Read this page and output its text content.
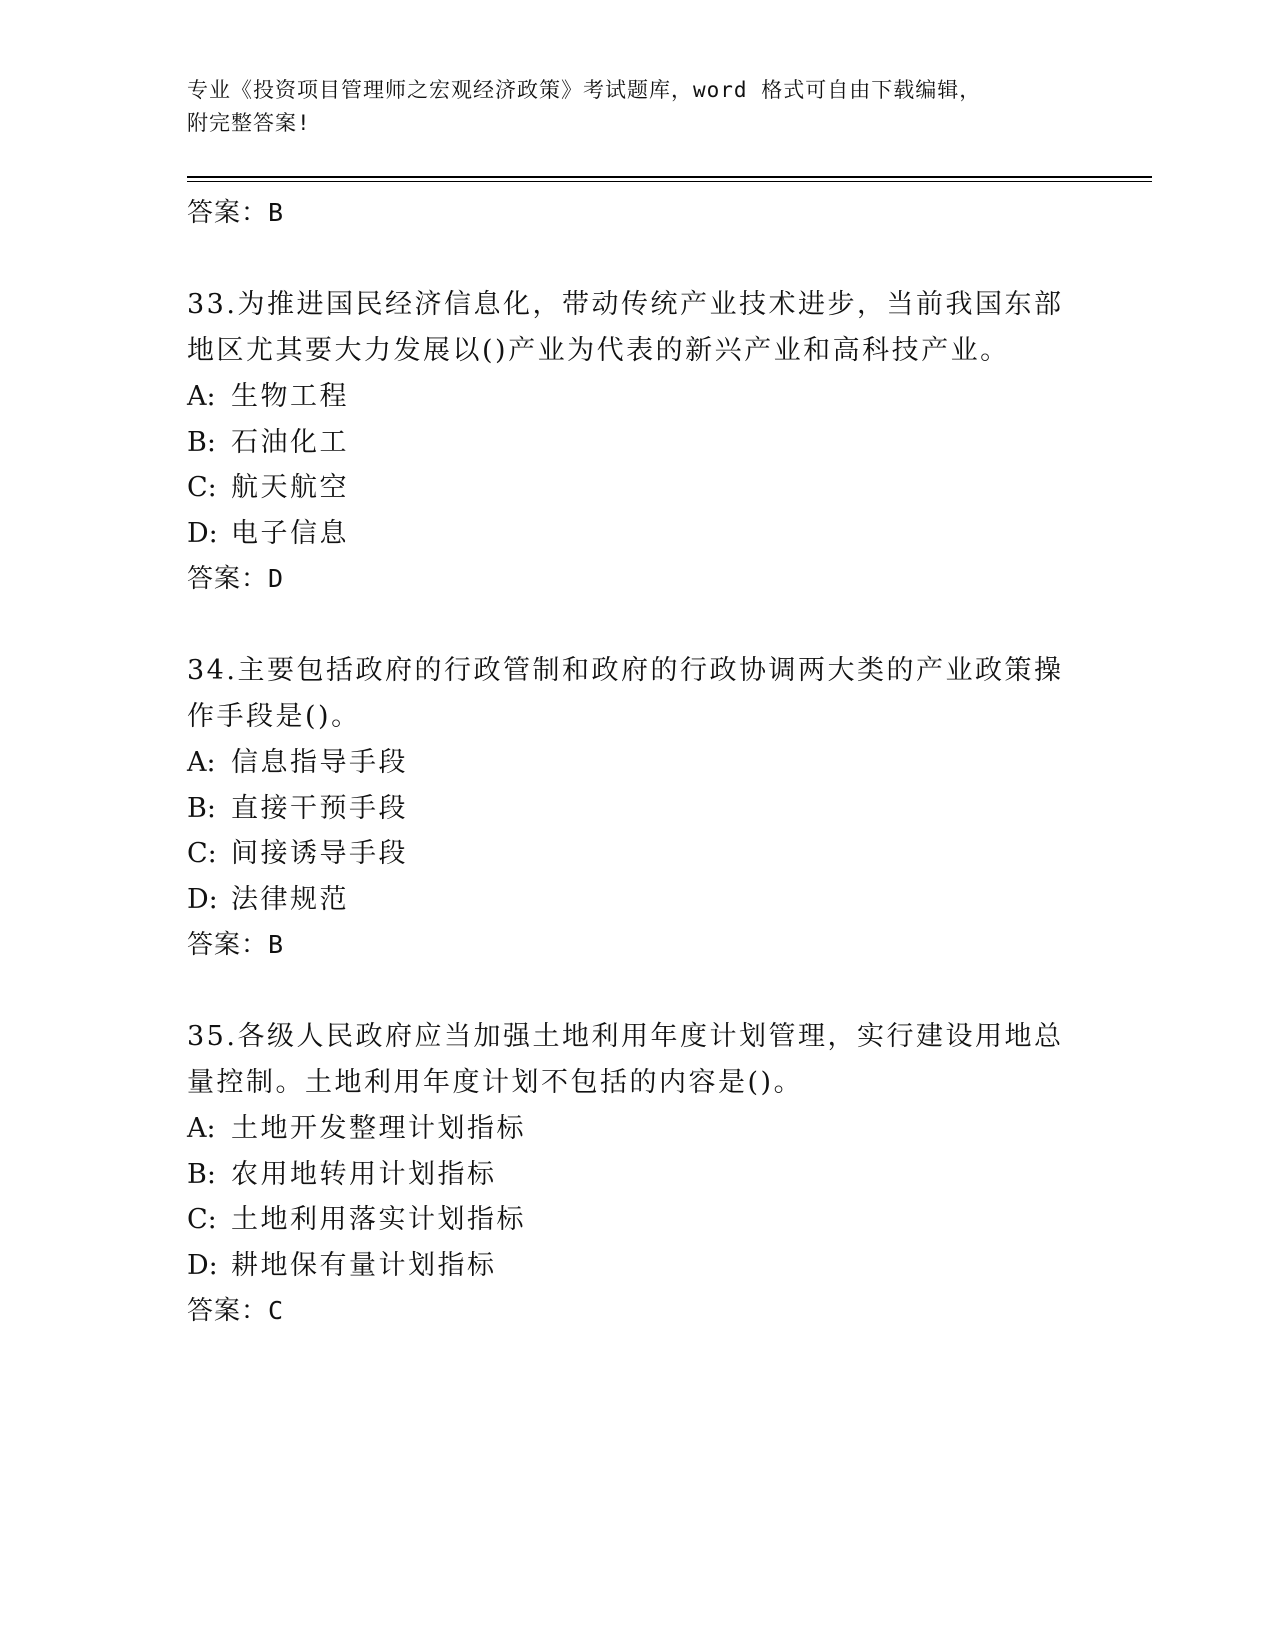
专业《投资项目管理师之宏观经济政策》考试题库，word 格式可自由下载编辑，
附完整答案!
答案：B

33.为推进国民经济信息化，带动传统产业技术进步，当前我国东部地区尤其要大力发展以()产业为代表的新兴产业和高科技产业。

A: 生物工程
B: 石油化工
C: 航天航空
D: 电子信息
答案：D

34.主要包括政府的行政管制和政府的行政协调两大类的产业政策操作手段是()。

A: 信息指导手段
B: 直接干预手段
C: 间接诱导手段
D: 法律规范
答案：B

35.各级人民政府应当加强土地利用年度计划管理，实行建设用地总量控制。土地利用年度计划不包括的内容是()。

A: 土地开发整理计划指标
B: 农用地转用计划指标
C: 土地利用落实计划指标
D: 耕地保有量计划指标
答案：C
